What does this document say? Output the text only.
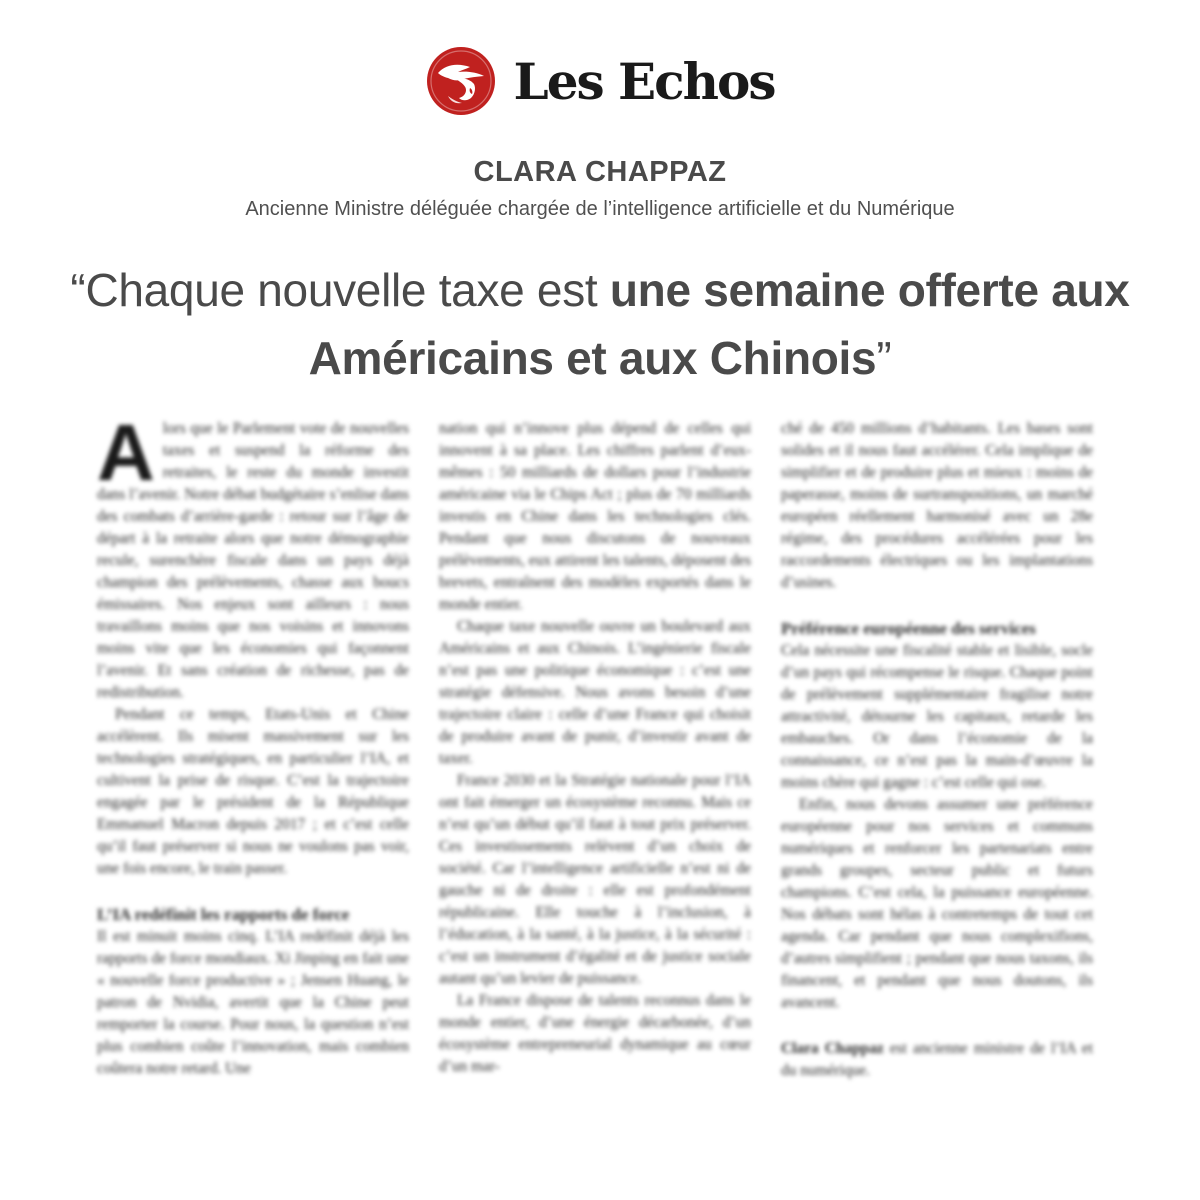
Les Echos
CLARA CHAPPAZ
Ancienne Ministre déléguée chargée de l’intelligence artificielle et du Numérique
“Chaque nouvelle taxe est une semaine offerte aux Américains et aux Chinois”

Alors que le Parlement vote de nouvelles taxes et suspend la réforme des retraites, le reste du monde investit dans l’avenir. Notre débat budgétaire s’enlise dans des combats d’arrière-garde : retour sur l’âge de départ à la retraite alors que notre démographie recule, surenchère fiscale dans un pays déjà champion des prélèvements, chasse aux boucs émissaires. Nos enjeux sont ailleurs : nous travaillons moins que nos voisins et innovons moins vite que les économies qui façonnent l’avenir. Et sans création de richesse, pas de redistribution.

Pendant ce temps, Etats-Unis et Chine accélèrent. Ils misent massivement sur les technologies stratégiques, en particulier l’IA, et cultivent la prise de risque. C’est la trajectoire engagée par le président de la République Emmanuel Macron depuis 2017 ; et c’est celle qu’il faut préserver si nous ne voulons pas voir, une fois encore, le train passer.

L’IA redéfinit les rapports de force

Il est minuit moins cinq. L’IA redéfinit déjà les rapports de force mondiaux. Xi Jinping en fait une « nouvelle force productive » ; Jensen Huang, le patron de Nvidia, avertit que la Chine peut remporter la course. Pour nous, la question n’est plus combien coûte l’innovation, mais combien coûtera notre retard. Une

nation qui n’innove plus dépend de celles qui innovent à sa place. Les chiffres parlent d’eux-mêmes : 50 milliards de dollars pour l’industrie américaine via le Chips Act ; plus de 70 milliards investis en Chine dans les technologies clés. Pendant que nous discutons de nouveaux prélèvements, eux attirent les talents, déposent des brevets, entraînent des modèles exportés dans le monde entier.

Chaque taxe nouvelle ouvre un boulevard aux Américains et aux Chinois. L’ingénierie fiscale n’est pas une politique économique : c’est une stratégie défensive. Nous avons besoin d’une trajectoire claire : celle d’une France qui choisit de produire avant de punir, d’investir avant de taxer.

France 2030 et la Stratégie nationale pour l’IA ont fait émerger un écosystème reconnu. Mais ce n’est qu’un début qu’il faut à tout prix préserver. Ces investissements relèvent d’un choix de société. Car l’intelligence artificielle n’est ni de gauche ni de droite : elle est profondément républicaine. Elle touche à l’inclusion, à l’éducation, à la santé, à la justice, à la sécurité : c’est un instrument d’égalité et de justice sociale autant qu’un levier de puissance.

La France dispose de talents reconnus dans le monde entier, d’une énergie décarbonée, d’un écosystème entrepreneurial dynamique au cœur d’un mar-

ché de 450 millions d’habitants. Les bases sont solides et il nous faut accélérer. Cela implique de simplifier et de produire plus et mieux : moins de paperasse, moins de surtranspositions, un marché européen réellement harmonisé avec un 28e régime, des procédures accélérées pour les raccordements électriques ou les implantations d’usines.

Préférence européenne des services

Cela nécessite une fiscalité stable et lisible, socle d’un pays qui récompense le risque. Chaque point de prélèvement supplémentaire fragilise notre attractivité, détourne les capitaux, retarde les embauches. Or dans l’économie de la connaissance, ce n’est pas la main-d’œuvre la moins chère qui gagne : c’est celle qui ose.

Enfin, nous devons assumer une préférence européenne pour nos services et communs numériques et renforcer les partenariats entre grands groupes, secteur public et futurs champions. C’est cela, la puissance européenne. Nos débats sont hélas à contretemps de tout cet agenda. Car pendant que nous complexifions, d’autres simplifient ; pendant que nous taxons, ils financent, et pendant que nous doutons, ils avancent.

Clara Chappaz est ancienne ministre de l’IA et du numérique.
